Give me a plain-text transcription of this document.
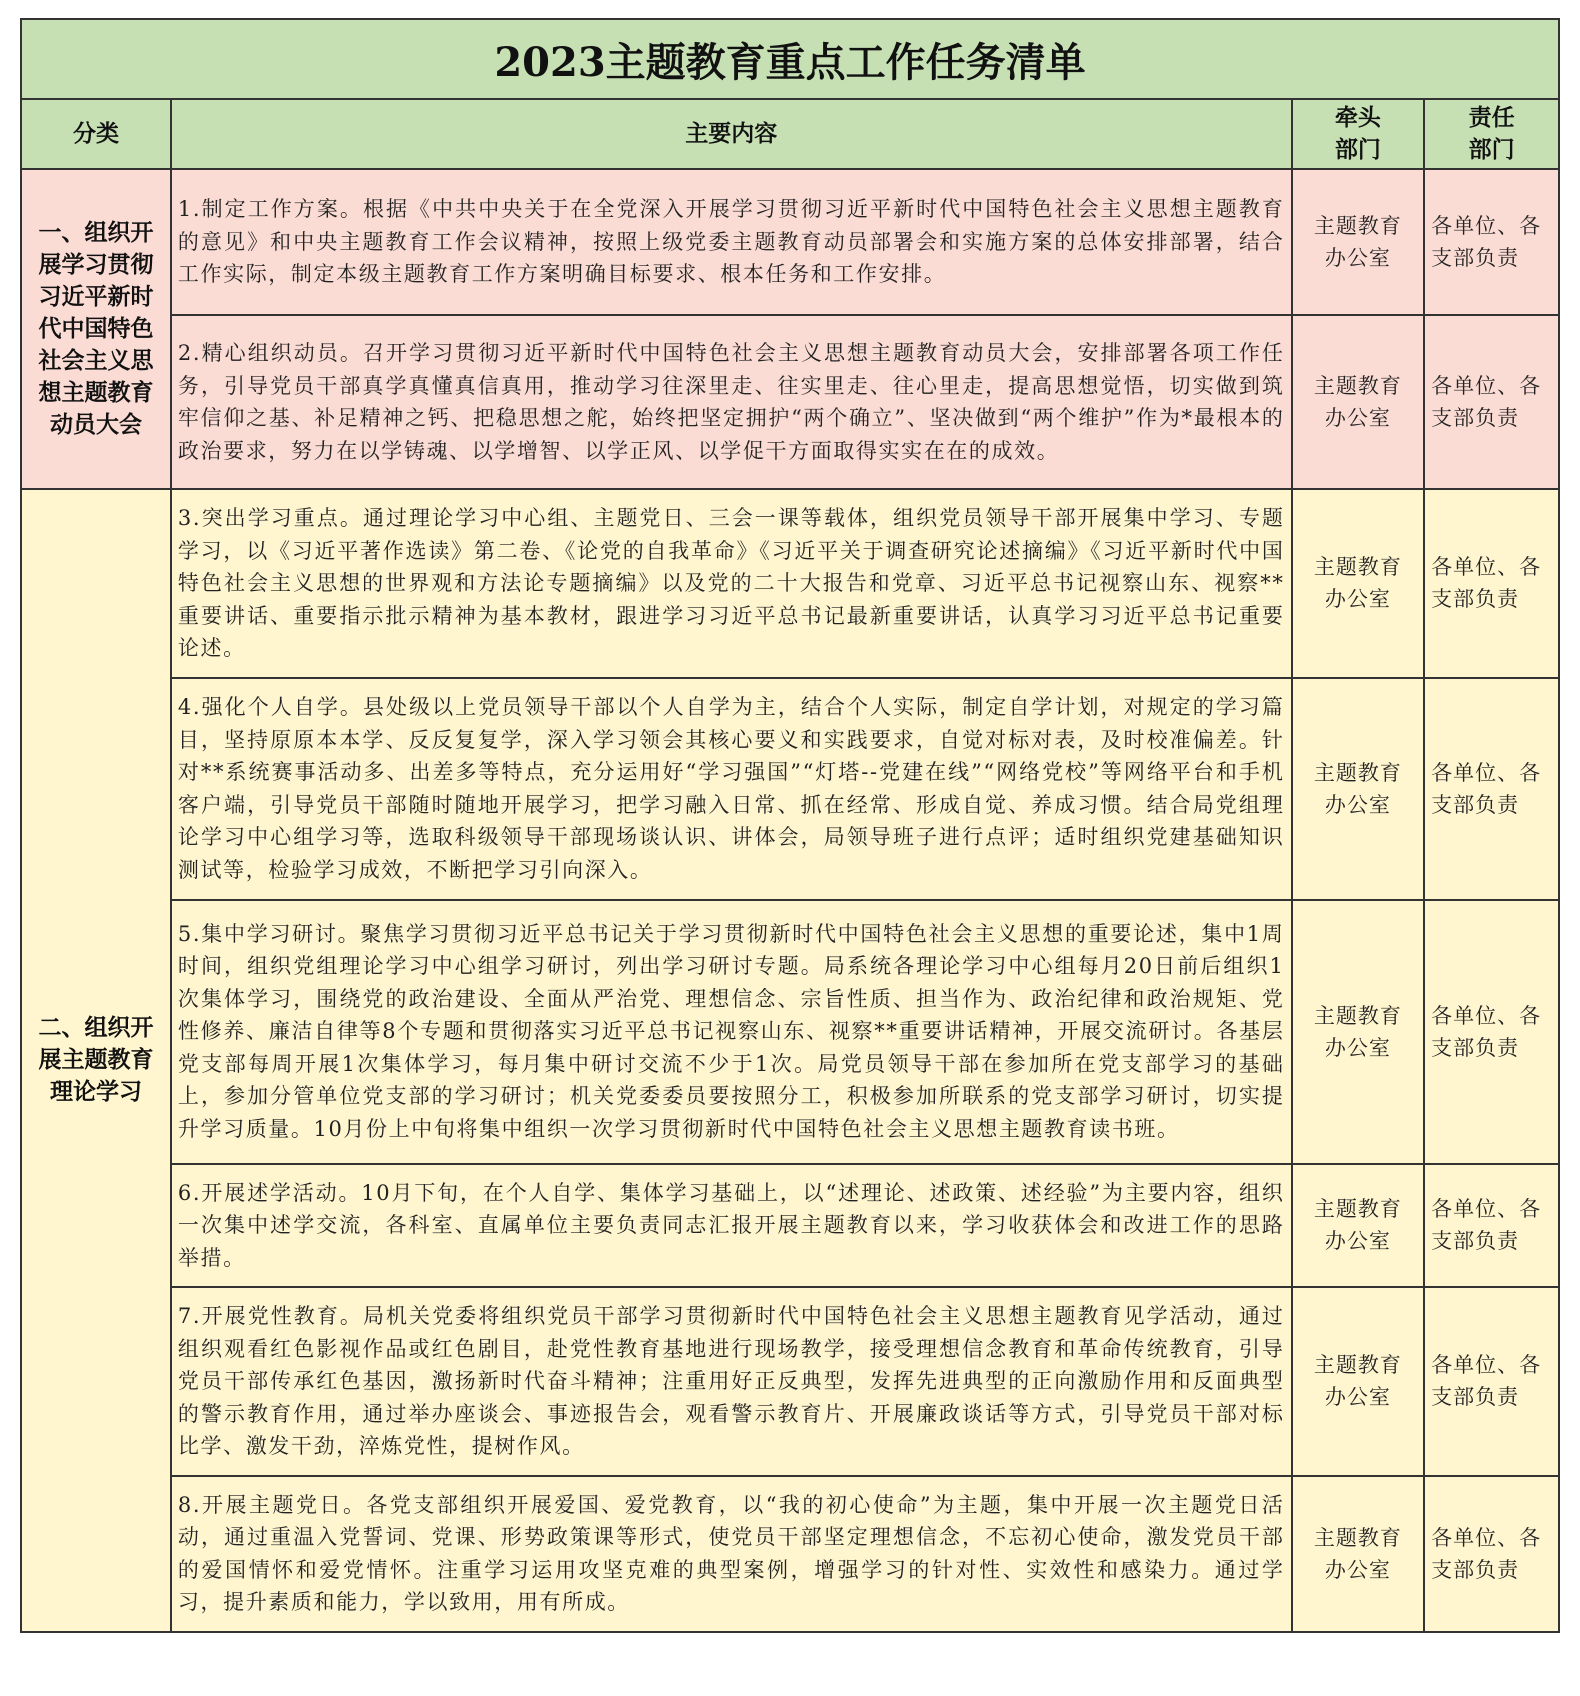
2023主题教育重点工作任务清单
分类	主要内容	牵头部门	责任部门

一、组织开展学习贯彻习近平新时代中国特色社会主义思想主题教育动员大会	1.制定工作方案。根据《中共中央关于在全党深入开展学习贯彻习近平新时代中国特色社会主义思想主题教育的意见》和中央主题教育工作会议精神，按照上级党委主题教育动员部署会和实施方案的总体安排部署，结合工作实际，制定本级主题教育工作方案明确目标要求、根本任务和工作安排。	主题教育办公室	各单位、各支部负责

	2.精心组织动员。召开学习贯彻习近平新时代中国特色社会主义思想主题教育动员大会，安排部署各项工作任务，引导党员干部真学真懂真信真用，推动学习往深里走、往实里走、往心里走，提高思想觉悟，切实做到筑牢信仰之基、补足精神之钙、把稳思想之舵，始终把坚定拥护“两个确立”、坚决做到“两个维护”作为*最根本的政治要求，努力在以学铸魂、以学增智、以学正风、以学促干方面取得实实在在的成效。	主题教育办公室	各单位、各支部负责

二、组织开展主题教育理论学习	3.突出学习重点。通过理论学习中心组、主题党日、三会一课等载体，组织党员领导干部开展集中学习、专题学习，以《习近平著作选读》第二卷、《论党的自我革命》《习近平关于调查研究论述摘编》《习近平新时代中国特色社会主义思想的世界观和方法论专题摘编》以及党的二十大报告和党章、习近平总书记视察山东、视察**重要讲话、重要指示批示精神为基本教材，跟进学习习近平总书记最新重要讲话，认真学习习近平总书记重要论述。	主题教育办公室	各单位、各支部负责

	4.强化个人自学。县处级以上党员领导干部以个人自学为主，结合个人实际，制定自学计划，对规定的学习篇目，坚持原原本本学、反反复复学，深入学习领会其核心要义和实践要求，自觉对标对表，及时校准偏差。针对**系统赛事活动多、出差多等特点，充分运用好“学习强国”“灯塔--党建在线”“网络党校”等网络平台和手机客户端，引导党员干部随时随地开展学习，把学习融入日常、抓在经常、形成自觉、养成习惯。结合局党组理论学习中心组学习等，选取科级领导干部现场谈认识、讲体会，局领导班子进行点评；适时组织党建基础知识测试等，检验学习成效，不断把学习引向深入。	主题教育办公室	各单位、各支部负责

	5.集中学习研讨。聚焦学习贯彻习近平总书记关于学习贯彻新时代中国特色社会主义思想的重要论述，集中1周时间，组织党组理论学习中心组学习研讨，列出学习研讨专题。局系统各理论学习中心组每月20日前后组织1次集体学习，围绕党的政治建设、全面从严治党、理想信念、宗旨性质、担当作为、政治纪律和政治规矩、党性修养、廉洁自律等8个专题和贯彻落实习近平总书记视察山东、视察**重要讲话精神，开展交流研讨。各基层党支部每周开展1次集体学习，每月集中研讨交流不少于1次。局党员领导干部在参加所在党支部学习的基础上，参加分管单位党支部的学习研讨；机关党委委员要按照分工，积极参加所联系的党支部学习研讨，切实提升学习质量。10月份上中旬将集中组织一次学习贯彻新时代中国特色社会主义思想主题教育读书班。	主题教育办公室	各单位、各支部负责

	6.开展述学活动。10月下旬，在个人自学、集体学习基础上，以“述理论、述政策、述经验”为主要内容，组织一次集中述学交流，各科室、直属单位主要负责同志汇报开展主题教育以来，学习收获体会和改进工作的思路举措。	主题教育办公室	各单位、各支部负责

	7.开展党性教育。局机关党委将组织党员干部学习贯彻新时代中国特色社会主义思想主题教育见学活动，通过组织观看红色影视作品或红色剧目，赴党性教育基地进行现场教学，接受理想信念教育和革命传统教育，引导党员干部传承红色基因，激扬新时代奋斗精神；注重用好正反典型，发挥先进典型的正向激励作用和反面典型的警示教育作用，通过举办座谈会、事迹报告会，观看警示教育片、开展廉政谈话等方式，引导党员干部对标比学、激发干劲，淬炼党性，提树作风。	主题教育办公室	各单位、各支部负责

	8.开展主题党日。各党支部组织开展爱国、爱党教育，以“我的初心使命”为主题，集中开展一次主题党日活动，通过重温入党誓词、党课、形势政策课等形式，使党员干部坚定理想信念，不忘初心使命，激发党员干部的爱国情怀和爱党情怀。注重学习运用攻坚克难的典型案例，增强学习的针对性、实效性和感染力。通过学习，提升素质和能力，学以致用，用有所成。	主题教育办公室	各单位、各支部负责
